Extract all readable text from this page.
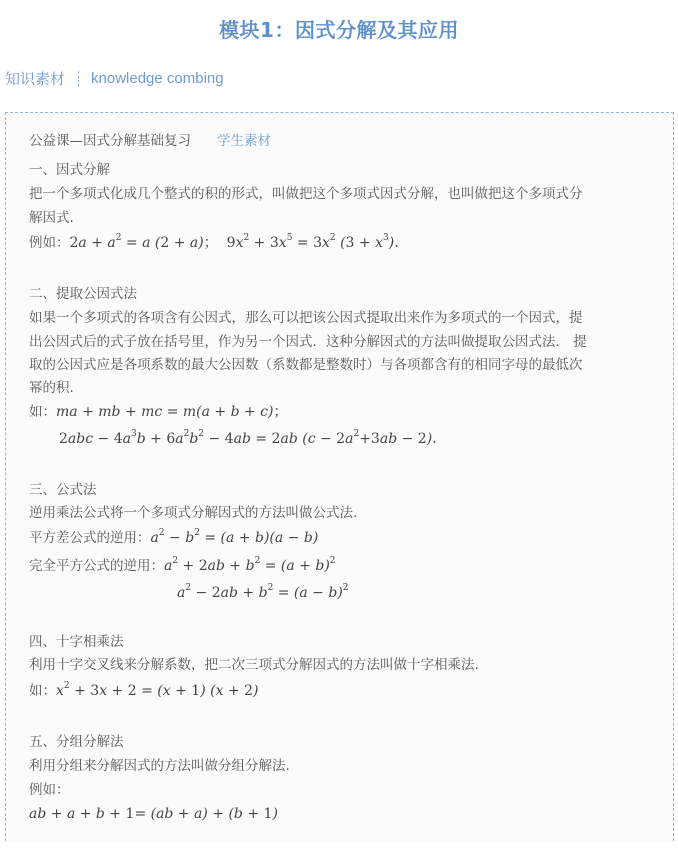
模块1：因式分解及其应用
知识素材 knowledge combing
公益课—因式分解基础复习 学生素材
一、因式分解
把一个多项式化成几个整式的积的形式，叫做把这个多项式因式分解，也叫做把这个多项式分
解因式.
例如：$2a + a^2 = a$ (2 + a)； $9x^2 + 3x^5 = 3x^2$ $(3 + x^3)$.
二、提取公因式法
如果一个多项式的各项含有公因式，那么可以把该公因式提取出来作为多项式的一个因式，提
出公因式后的式子放在括号里，作为另一个因式．这种分解因式的方法叫做提取公因式法． 提
取的公因式应是各项系数的最大公因数（系数都是整数时）与各项都含有的相同字母的最低次
幂的积.
如：ma + mb + mc = m(a + b + c)；
$2abc - 4a^3b + 6a^2b^2 - 4ab = 2ab$ $(c - 2a^2+3ab - 2)$.
三、公式法
逆用乘法公式将一个多项式分解因式的方法叫做公式法.
平方差公式的逆用：$a^2 - b^2 = (a + b)(a - b)$
完全平方公式的逆用：$a^2 + 2ab + b^2 = (a + b)^2$
$a^2 - 2ab + b^2 = (a - b)^2$
四、十字相乘法
利用十字交叉线来分解系数，把二次三项式分解因式的方法叫做十字相乘法.
如：$x^2 + 3x + 2 = (x + 1) (x + 2)$
五、分组分解法
利用分组来分解因式的方法叫做分组分解法.
例如：
ab + a + b + 1= (ab + a) + (b + 1)
